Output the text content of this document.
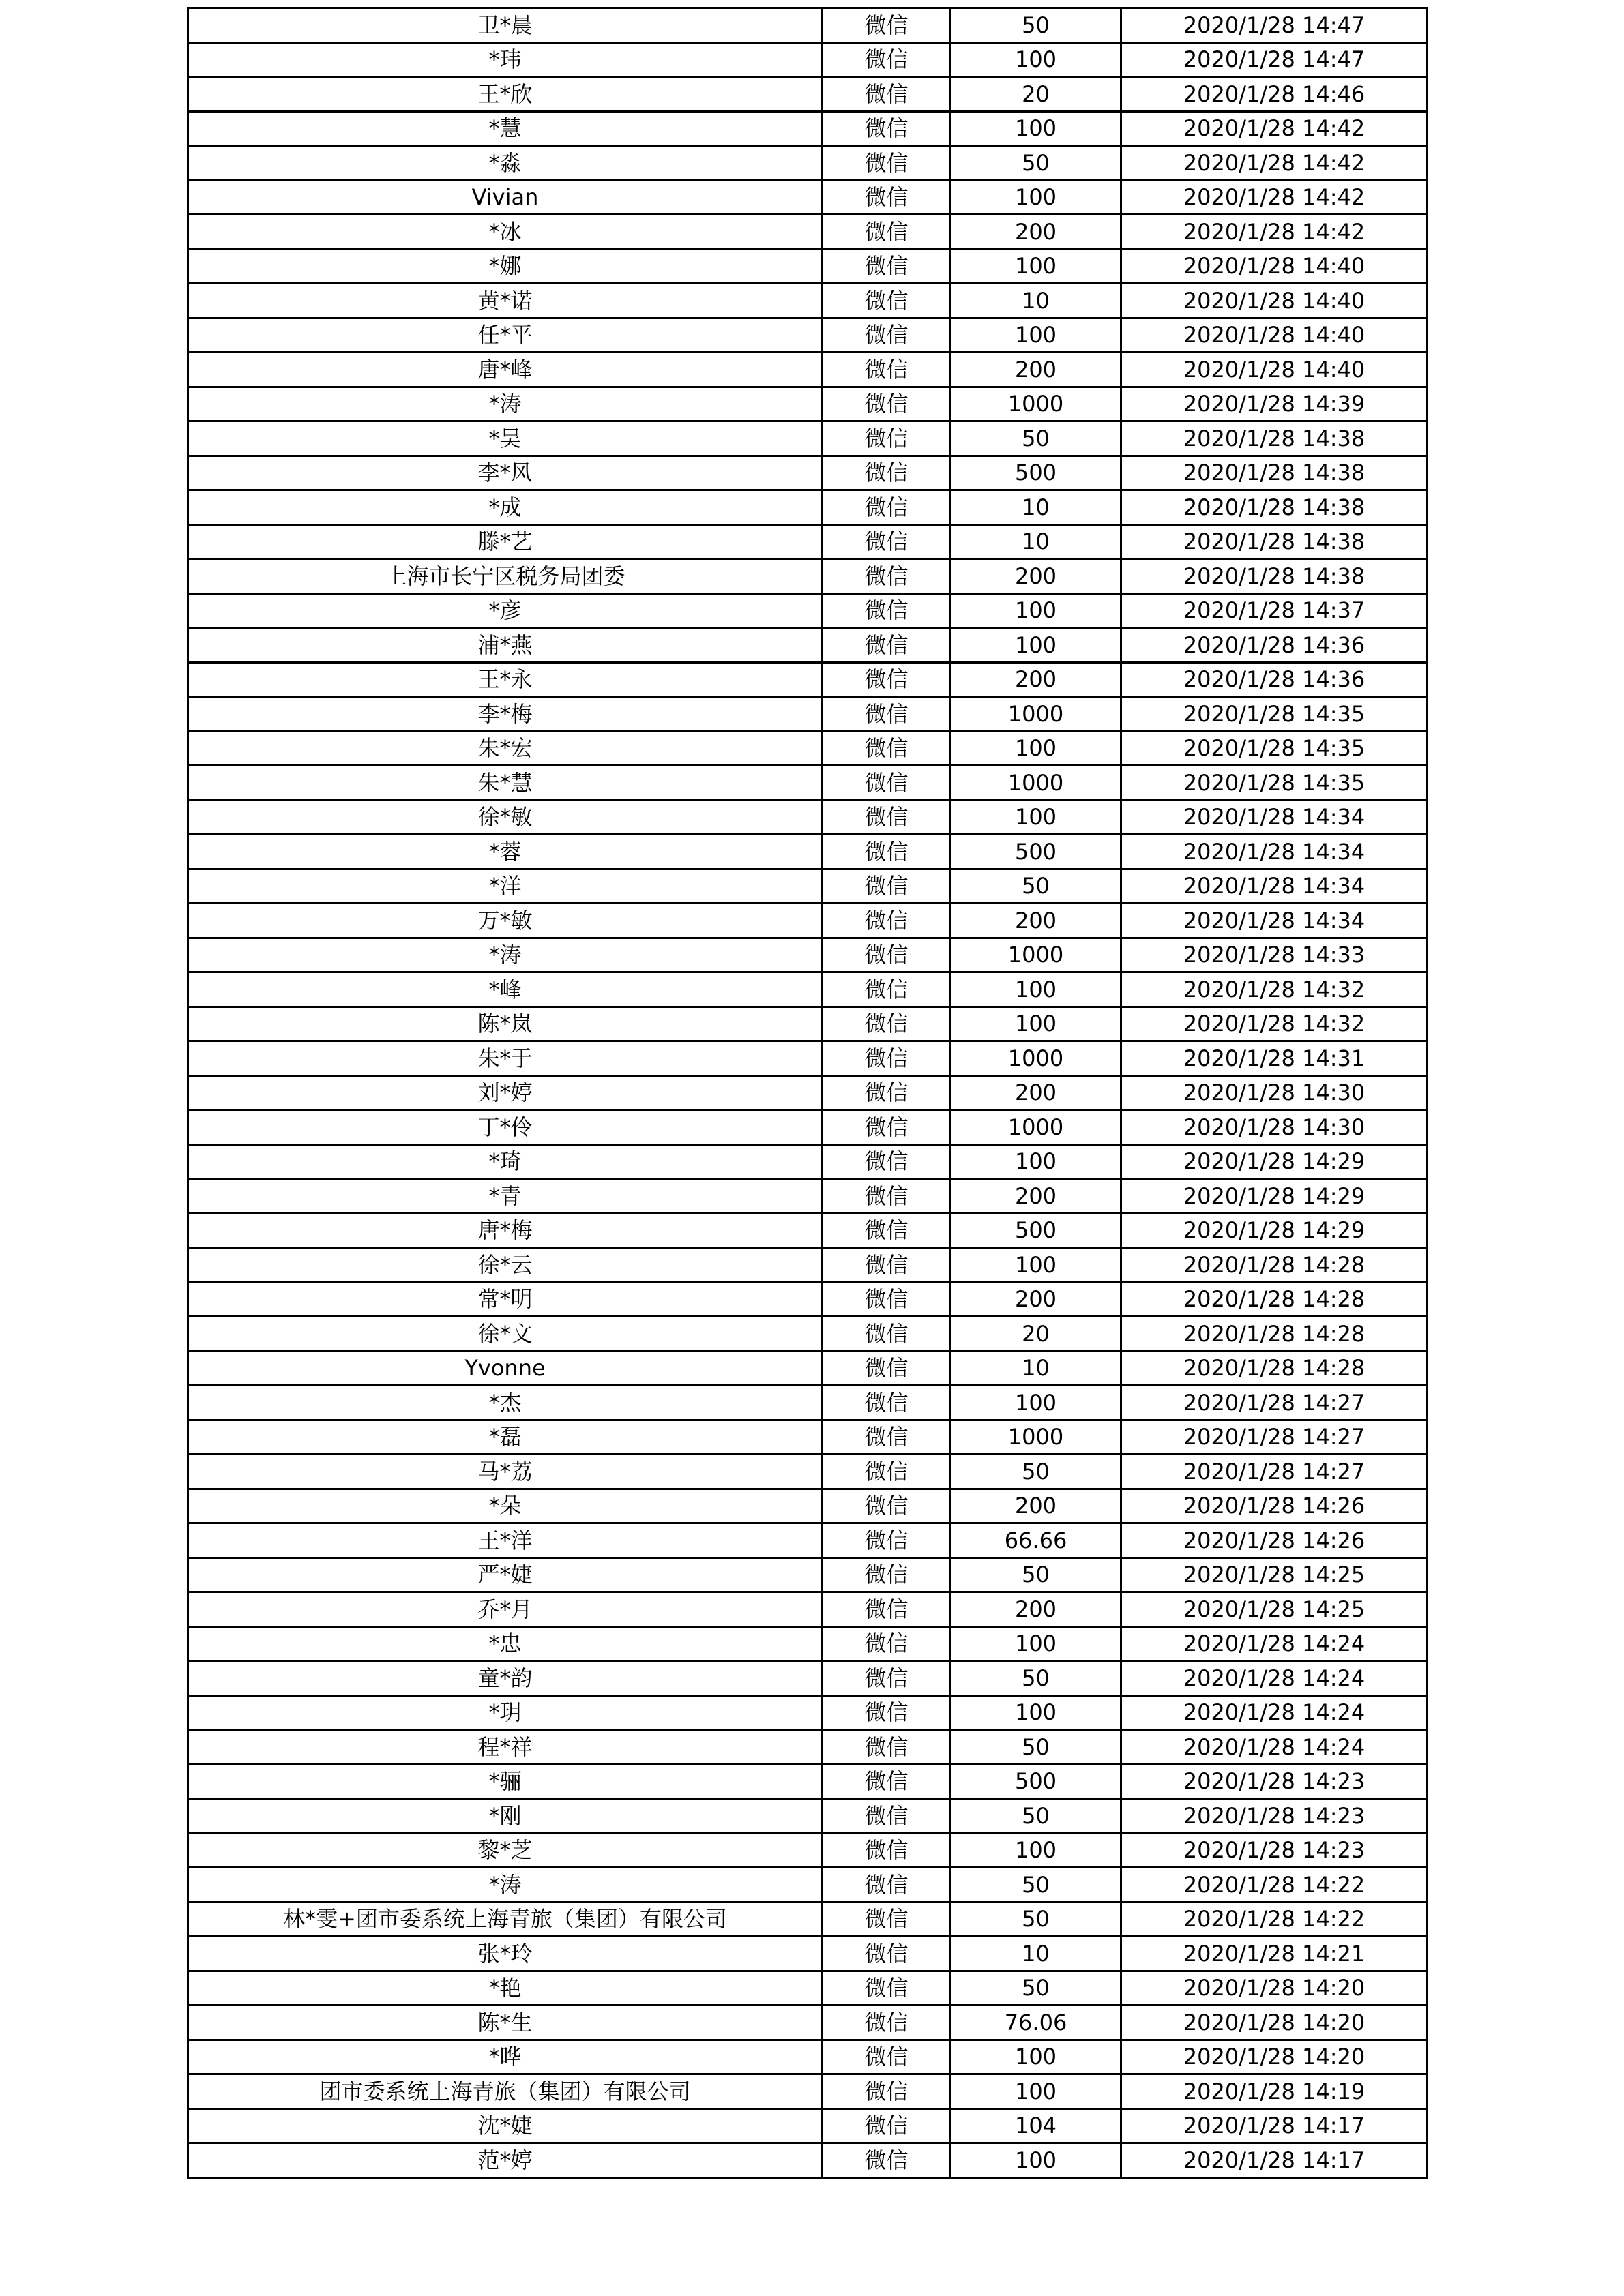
卫*晨	微信	50	2020/1/28 14:47
*玮	微信	100	2020/1/28 14:47
王*欣	微信	20	2020/1/28 14:46
*慧	微信	100	2020/1/28 14:42
*淼	微信	50	2020/1/28 14:42
Vivian	微信	100	2020/1/28 14:42
*冰	微信	200	2020/1/28 14:42
*娜	微信	100	2020/1/28 14:40
黄*诺	微信	10	2020/1/28 14:40
任*平	微信	100	2020/1/28 14:40
唐*峰	微信	200	2020/1/28 14:40
*涛	微信	1000	2020/1/28 14:39
*昊	微信	50	2020/1/28 14:38
李*风	微信	500	2020/1/28 14:38
*成	微信	10	2020/1/28 14:38
滕*艺	微信	10	2020/1/28 14:38
上海市长宁区税务局团委	微信	200	2020/1/28 14:38
*彦	微信	100	2020/1/28 14:37
浦*燕	微信	100	2020/1/28 14:36
王*永	微信	200	2020/1/28 14:36
李*梅	微信	1000	2020/1/28 14:35
朱*宏	微信	100	2020/1/28 14:35
朱*慧	微信	1000	2020/1/28 14:35
徐*敏	微信	100	2020/1/28 14:34
*蓉	微信	500	2020/1/28 14:34
*洋	微信	50	2020/1/28 14:34
万*敏	微信	200	2020/1/28 14:34
*涛	微信	1000	2020/1/28 14:33
*峰	微信	100	2020/1/28 14:32
陈*岚	微信	100	2020/1/28 14:32
朱*于	微信	1000	2020/1/28 14:31
刘*婷	微信	200	2020/1/28 14:30
丁*伶	微信	1000	2020/1/28 14:30
*琦	微信	100	2020/1/28 14:29
*青	微信	200	2020/1/28 14:29
唐*梅	微信	500	2020/1/28 14:29
徐*云	微信	100	2020/1/28 14:28
常*明	微信	200	2020/1/28 14:28
徐*文	微信	20	2020/1/28 14:28
Yvonne	微信	10	2020/1/28 14:28
*杰	微信	100	2020/1/28 14:27
*磊	微信	1000	2020/1/28 14:27
马*荔	微信	50	2020/1/28 14:27
*朵	微信	200	2020/1/28 14:26
王*洋	微信	66.66	2020/1/28 14:26
严*婕	微信	50	2020/1/28 14:25
乔*月	微信	200	2020/1/28 14:25
*忠	微信	100	2020/1/28 14:24
童*韵	微信	50	2020/1/28 14:24
*玥	微信	100	2020/1/28 14:24
程*祥	微信	50	2020/1/28 14:24
*骊	微信	500	2020/1/28 14:23
*刚	微信	50	2020/1/28 14:23
黎*芝	微信	100	2020/1/28 14:23
*涛	微信	50	2020/1/28 14:22
林*雯+团市委系统上海青旅（集团）有限公司	微信	50	2020/1/28 14:22
张*玲	微信	10	2020/1/28 14:21
*艳	微信	50	2020/1/28 14:20
陈*生	微信	76.06	2020/1/28 14:20
*晔	微信	100	2020/1/28 14:20
团市委系统上海青旅（集团）有限公司	微信	100	2020/1/28 14:19
沈*婕	微信	104	2020/1/28 14:17
范*婷	微信	100	2020/1/28 14:17
